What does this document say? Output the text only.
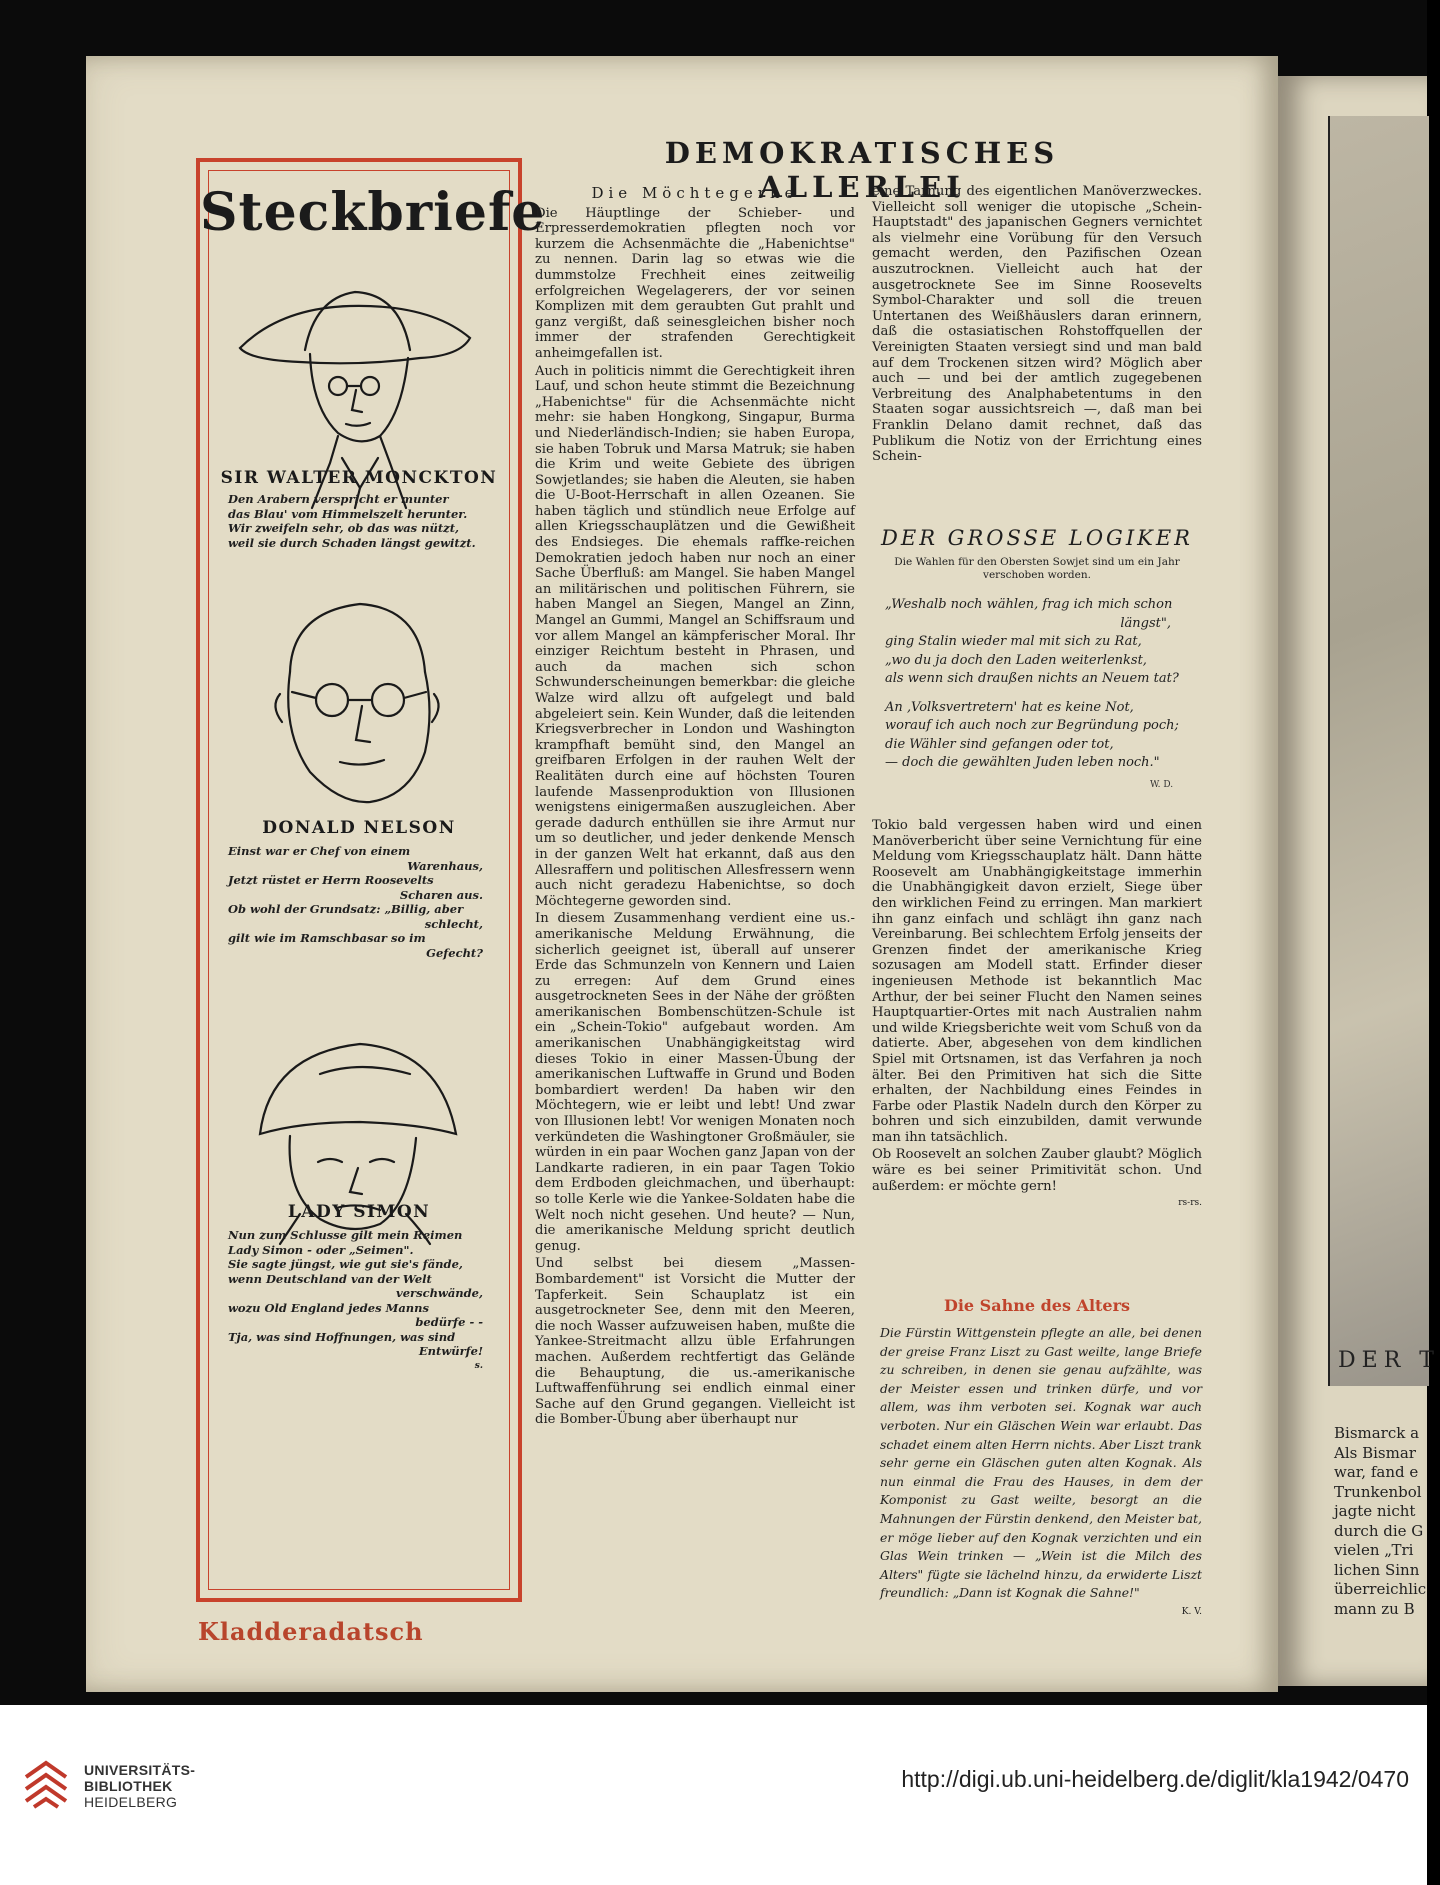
DER T
Bismarck a
Als Bismar
war, fand e
Trunkenbol
jagte nicht
durch die G
vielen „Tri
lichen Sinn
überreichlic
mann zu B
Steckbriefe
SIR WALTER MONCKTON
Den Arabern verspricht er munter
das Blau' vom Himmelszelt herunter.
Wir zweifeln sehr, ob das was nützt,
weil sie durch Schaden längst gewitzt.
DONALD NELSON
Einst war er Chef von einem
Warenhaus,
Jetzt rüstet er Herrn Roosevelts
Scharen aus.
Ob wohl der Grundsatz: „Billig, aber
schlecht,
gilt wie im Ramschbasar so im
Gefecht?
LADY SIMON
Nun zum Schlusse gilt mein Reimen
Lady Simon - oder „Seimen".
Sie sagte jüngst, wie gut sie's fände,
wenn Deutschland van der Welt
verschwände,
wozu Old England jedes Manns
bedürfe - -
Tja, was sind Hoffnungen, was sind
Entwürfe!
s.
Kladderadatsch
DEMOKRATISCHES ALLERLEI

Die Möchtegerne

Die Häuptlinge der Schieber- und Erpresserdemokratien pflegten noch vor kurzem die Achsenmächte die „Habenichtse" zu nennen. Darin lag so etwas wie die dummstolze Frechheit eines zeitweilig erfolgreichen Wegelagerers, der vor seinen Komplizen mit dem geraubten Gut prahlt und ganz vergißt, daß seinesgleichen bisher noch immer der strafenden Gerechtigkeit anheimgefallen ist.

Auch in politicis nimmt die Gerechtigkeit ihren Lauf, und schon heute stimmt die Bezeichnung „Habenichtse" für die Achsenmächte nicht mehr: sie haben Hongkong, Singapur, Burma und Niederländisch-Indien; sie haben Europa, sie haben Tobruk und Marsa Matruk; sie haben die Krim und weite Gebiete des übrigen Sowjetlandes; sie haben die Aleuten, sie haben die U-Boot-Herrschaft in allen Ozeanen. Sie haben täglich und stündlich neue Erfolge auf allen Kriegsschauplätzen und die Gewißheit des Endsieges. Die ehemals raffke-reichen Demokratien jedoch haben nur noch an einer Sache Überfluß: am Mangel. Sie haben Mangel an militärischen und politischen Führern, sie haben Mangel an Siegen, Mangel an Zinn, Mangel an Gummi, Mangel an Schiffsraum und vor allem Mangel an kämpferischer Moral. Ihr einziger Reichtum besteht in Phrasen, und auch da machen sich schon Schwunderscheinungen bemerkbar: die gleiche Walze wird allzu oft aufgelegt und bald abgeleiert sein. Kein Wunder, daß die leitenden Kriegsverbrecher in London und Washington krampfhaft bemüht sind, den Mangel an greifbaren Erfolgen in der rauhen Welt der Realitäten durch eine auf höchsten Touren laufende Massenproduktion von Illusionen wenigstens einigermaßen auszugleichen. Aber gerade dadurch enthüllen sie ihre Armut nur um so deutlicher, und jeder denkende Mensch in der ganzen Welt hat erkannt, daß aus den Allesraffern und politischen Allesfressern wenn auch nicht geradezu Habenichtse, so doch Möchtegerne geworden sind.

In diesem Zusammenhang verdient eine us.-amerikanische Meldung Erwähnung, die sicherlich geeignet ist, überall auf unserer Erde das Schmunzeln von Kennern und Laien zu erregen: Auf dem Grund eines ausgetrockneten Sees in der Nähe der größten amerikanischen Bombenschützen-Schule ist ein „Schein-Tokio" aufgebaut worden. Am amerikanischen Unabhängigkeitstag wird dieses Tokio in einer Massen-Übung der amerikanischen Luftwaffe in Grund und Boden bombardiert werden! Da haben wir den Möchtegern, wie er leibt und lebt! Und zwar von Illusionen lebt! Vor wenigen Monaten noch verkündeten die Washingtoner Großmäuler, sie würden in ein paar Wochen ganz Japan von der Landkarte radieren, in ein paar Tagen Tokio dem Erdboden gleichmachen, und überhaupt: so tolle Kerle wie die Yankee-Soldaten habe die Welt noch nicht gesehen. Und heute? — Nun, die amerikanische Meldung spricht deutlich genug.

Und selbst bei diesem „Massen-Bombardement" ist Vorsicht die Mutter der Tapferkeit. Sein Schauplatz ist ein ausgetrockneter See, denn mit den Meeren, die noch Wasser aufzuweisen haben, mußte die Yankee-Streitmacht allzu üble Erfahrungen machen. Außerdem rechtfertigt das Gelände die Behauptung, die us.-amerikanische Luftwaffenführung sei endlich einmal einer Sache auf den Grund gegangen. Vielleicht ist die Bomber-Übung aber überhaupt nur

eine Tarnung des eigentlichen Manöverzweckes. Vielleicht soll weniger die utopische „Schein-Hauptstadt" des japanischen Gegners vernichtet als vielmehr eine Vorübung für den Versuch gemacht werden, den Pazifischen Ozean auszutrocknen. Vielleicht auch hat der ausgetrocknete See im Sinne Roosevelts Symbol-Charakter und soll die treuen Untertanen des Weißhäuslers daran erinnern, daß die ostasiatischen Rohstoffquellen der Vereinigten Staaten versiegt sind und man bald auf dem Trockenen sitzen wird? Möglich aber auch — und bei der amtlich zugegebenen Verbreitung des Analphabetentums in den Staaten sogar aussichtsreich —, daß man bei Franklin Delano damit rechnet, daß das Publikum die Notiz von der Errichtung eines Schein-

DER GROSSE LOGIKER
Die Wahlen für den Obersten Sowjet sind um ein Jahr verschoben worden.
„Weshalb noch wählen, frag ich mich schon
längst",
ging Stalin wieder mal mit sich zu Rat,
„wo du ja doch den Laden weiterlenkst,
als wenn sich draußen nichts an Neuem tat?
An ‚Volksvertretern' hat es keine Not,
worauf ich auch noch zur Begründung poch;
die Wähler sind gefangen oder tot,
— doch die gewählten Juden leben noch."
W. D.

Tokio bald vergessen haben wird und einen Manöverbericht über seine Vernichtung für eine Meldung vom Kriegsschauplatz hält. Dann hätte Roosevelt am Unabhängigkeitstage immerhin die Unabhängigkeit davon erzielt, Siege über den wirklichen Feind zu erringen. Man markiert ihn ganz einfach und schlägt ihn ganz nach Vereinbarung. Bei schlechtem Erfolg jenseits der Grenzen findet der amerikanische Krieg sozusagen am Modell statt. Erfinder dieser ingenieusen Methode ist bekanntlich Mac Arthur, der bei seiner Flucht den Namen seines Hauptquartier-Ortes mit nach Australien nahm und wilde Kriegsberichte weit vom Schuß von da datierte. Aber, abgesehen von dem kindlichen Spiel mit Ortsnamen, ist das Verfahren ja noch älter. Bei den Primitiven hat sich die Sitte erhalten, der Nachbildung eines Feindes in Farbe oder Plastik Nadeln durch den Körper zu bohren und sich einzubilden, damit verwunde man ihn tatsächlich.

Ob Roosevelt an solchen Zauber glaubt? Möglich wäre es bei seiner Primitivität schon. Und außerdem: er möchte gern!

rs-rs.

Die Sahne des Alters
Die Fürstin Wittgenstein pflegte an alle, bei denen der greise Franz Liszt zu Gast weilte, lange Briefe zu schreiben, in denen sie genau aufzählte, was der Meister essen und trinken dürfe, und vor allem, was ihm verboten sei. Kognak war auch verboten. Nur ein Gläschen Wein war erlaubt. Das schadet einem alten Herrn nichts. Aber Liszt trank sehr gerne ein Gläschen guten alten Kognak. Als nun einmal die Frau des Hauses, in dem der Komponist zu Gast weilte, besorgt an die Mahnungen der Fürstin denkend, den Meister bat, er möge lieber auf den Kognak verzichten und ein Glas Wein trinken — „Wein ist die Milch des Alters" fügte sie lächelnd hinzu, da erwiderte Liszt freundlich: „Dann ist Kognak die Sahne!"
K. V.
UNIVERSITÄTS-
BIBLIOTHEK
HEIDELBERG
http://digi.ub.uni-heidelberg.de/diglit/kla1942/0470
